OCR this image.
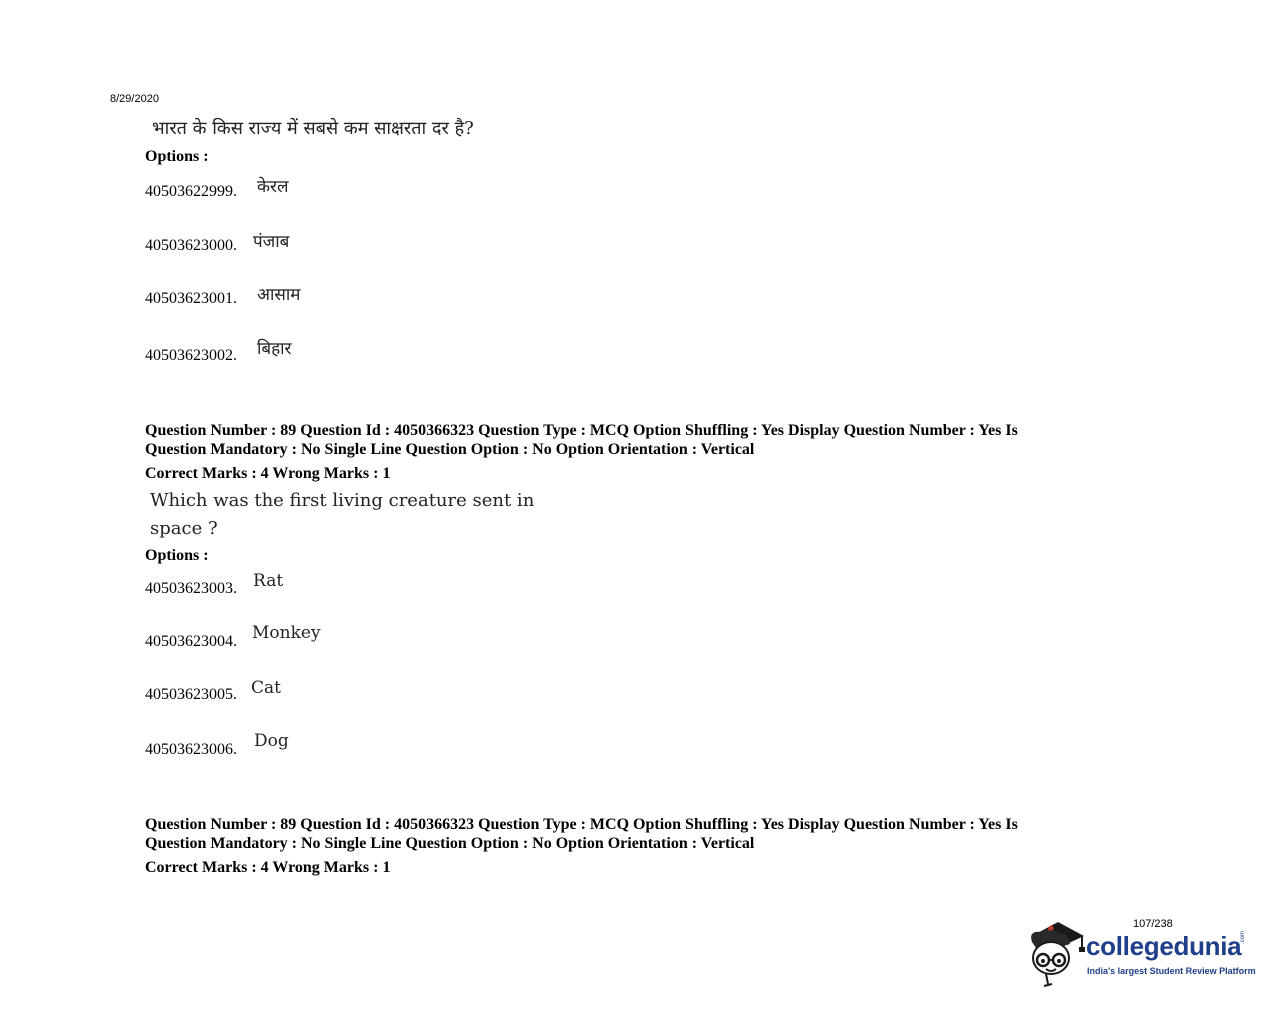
8/29/2020
भारत के किस राज्य में सबसे कम साक्षरता दर है?
Options :
40503622999. केरल
40503623000. पंजाब
40503623001. आसाम
40503623002. बिहार
Question Number : 89 Question Id : 4050366323 Question Type : MCQ Option Shuffling : Yes Display Question Number : Yes Is
Question Mandatory : No Single Line Question Option : No Option Orientation : Vertical
Correct Marks : 4 Wrong Marks : 1
Which was the first living creature sent in
space ?
Options :
40503623003. Rat
40503623004. Monkey
40503623005. Cat
40503623006. Dog
Question Number : 89 Question Id : 4050366323 Question Type : MCQ Option Shuffling : Yes Display Question Number : Yes Is
Question Mandatory : No Single Line Question Option : No Option Orientation : Vertical
Correct Marks : 4 Wrong Marks : 1
107/238
collegedunia
.com
India's largest Student Review Platform
